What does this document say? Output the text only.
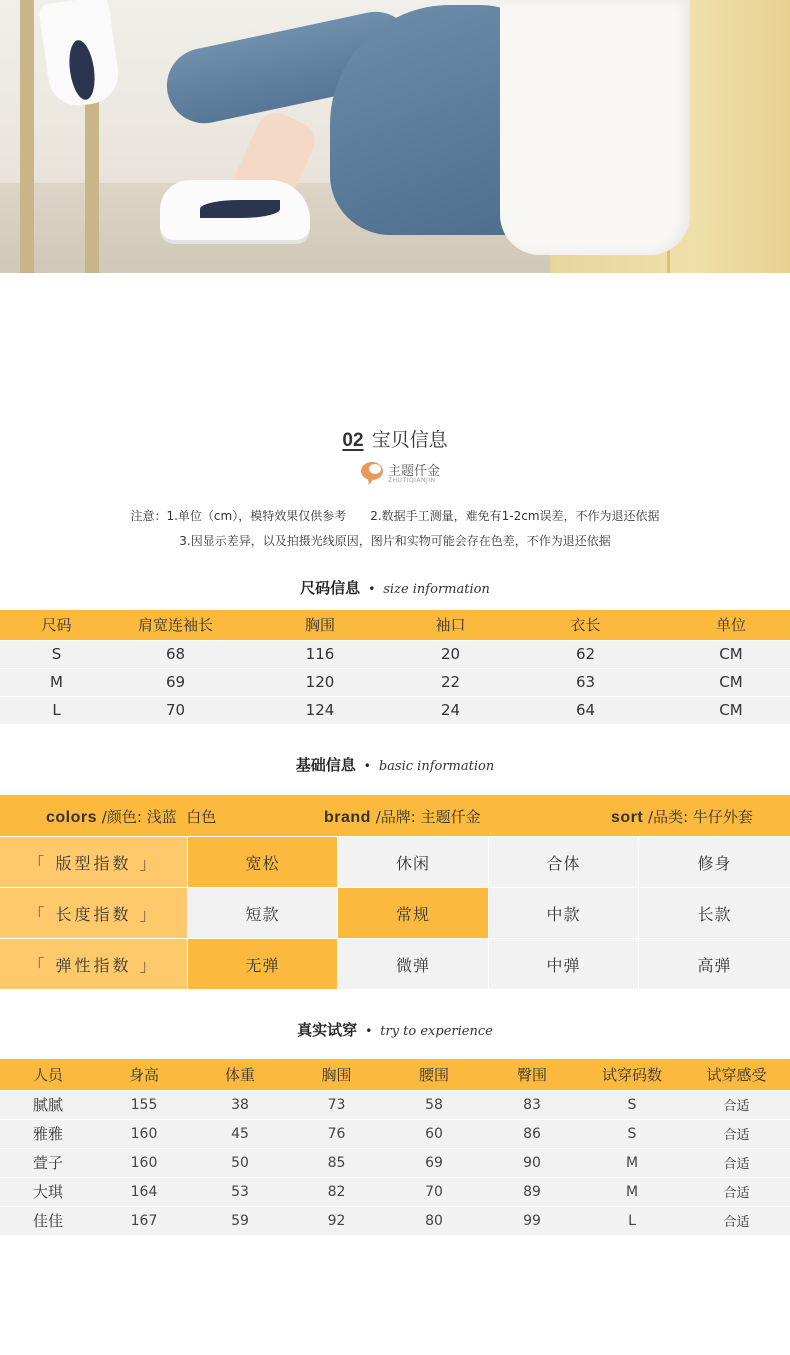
02 宝贝信息
主题仟金
ZHUTIQIANJIN
注意：1.单位（cm），模特效果仅供参考　　2.数据手工测量，难免有1-2cm误差，不作为退还依据
3.因显示差异，以及拍摄光线原因，图片和实物可能会存在色差，不作为退还依据
尺码信息 • size information
尺码	肩宽连袖长	胸围	袖口	衣长	单位
S	68	116	20	62	CM
M	69	120	22	63	CM
L	70	124	24	64	CM
基础信息 • basic information
colors /颜色: 浅蓝  白色	brand /品牌: 主题仟金	sort /品类: 牛仔外套
「 版型指数 」	宽松	休闲	合体	修身
「 长度指数 」	短款	常规	中款	长款
「 弹性指数 」	无弹	微弹	中弹	高弹
真实试穿 • try to experience
人员	身高	体重	胸围	腰围	臀围	试穿码数	试穿感受
腻腻	155	38	73	58	83	S	合适
雅雅	160	45	76	60	86	S	合适
萱子	160	50	85	69	90	M	合适
大琪	164	53	82	70	89	M	合适
佳佳	167	59	92	80	99	L	合适
